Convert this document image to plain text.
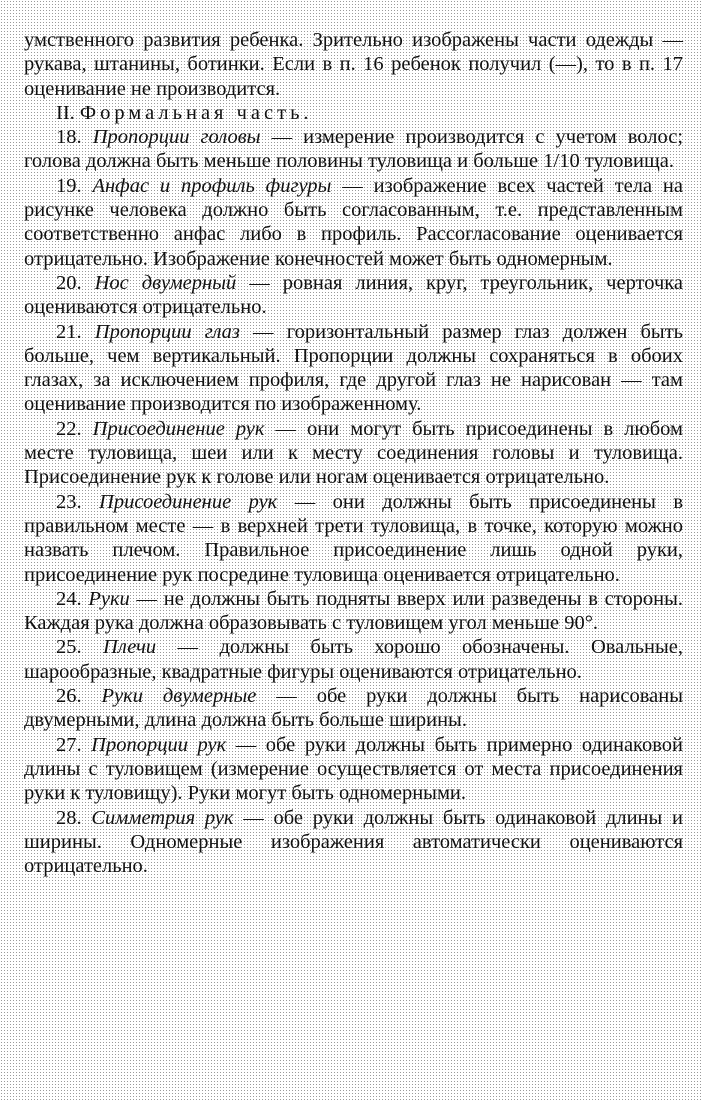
умственного развития ребенка. Зрительно изображены части одежды — рукава, штанины, ботинки. Если в п. 16 ребенок получил (—), то в п. 17 оценивание не производится.

II. Формальная часть.

18. Пропорции головы — измерение производится с учетом волос; голова должна быть меньше половины туловища и больше 1/10 туловища.

19. Анфас и профиль фигуры — изображение всех частей тела на рисунке человека должно быть согласованным, т.е. представленным соответственно анфас либо в профиль. Рассогласование оценивается отрицательно. Изображение конечностей может быть одномерным.

20. Нос двумерный — ровная линия, круг, треугольник, черточка оцениваются отрицательно.

21. Пропорции глаз — горизонтальный размер глаз должен быть больше, чем вертикальный. Пропорции должны сохраняться в обоих глазах, за исключением профиля, где другой глаз не нарисован — там оценивание производится по изображенному.

22. Присоединение рук — они могут быть присоединены в любом месте туловища, шеи или к месту соединения головы и туловища. Присоединение рук к голове или ногам оценивается отрицательно.

23. Присоединение рук — они должны быть присоединены в правильном месте — в верхней трети туловища, в точке, которую можно назвать плечом. Правильное присоединение лишь одной руки, присоединение рук посредине туловища оценивается отрицательно.

24. Руки — не должны быть подняты вверх или разведены в стороны. Каждая рука должна образовывать с туловищем угол меньше 90°.

25. Плечи — должны быть хорошо обозначены. Овальные, шарообразные, квадратные фигуры оцениваются отрицательно.

26. Руки двумерные — обе руки должны быть нарисованы двумерными, длина должна быть больше ширины.

27. Пропорции рук — обе руки должны быть примерно одинаковой длины с туловищем (измерение осуществляется от места присоединения руки к туловищу). Руки могут быть одномерными.

28. Симметрия рук — обе руки должны быть одинаковой длины и ширины. Одномерные изображения автоматически оцениваются отрицательно.
